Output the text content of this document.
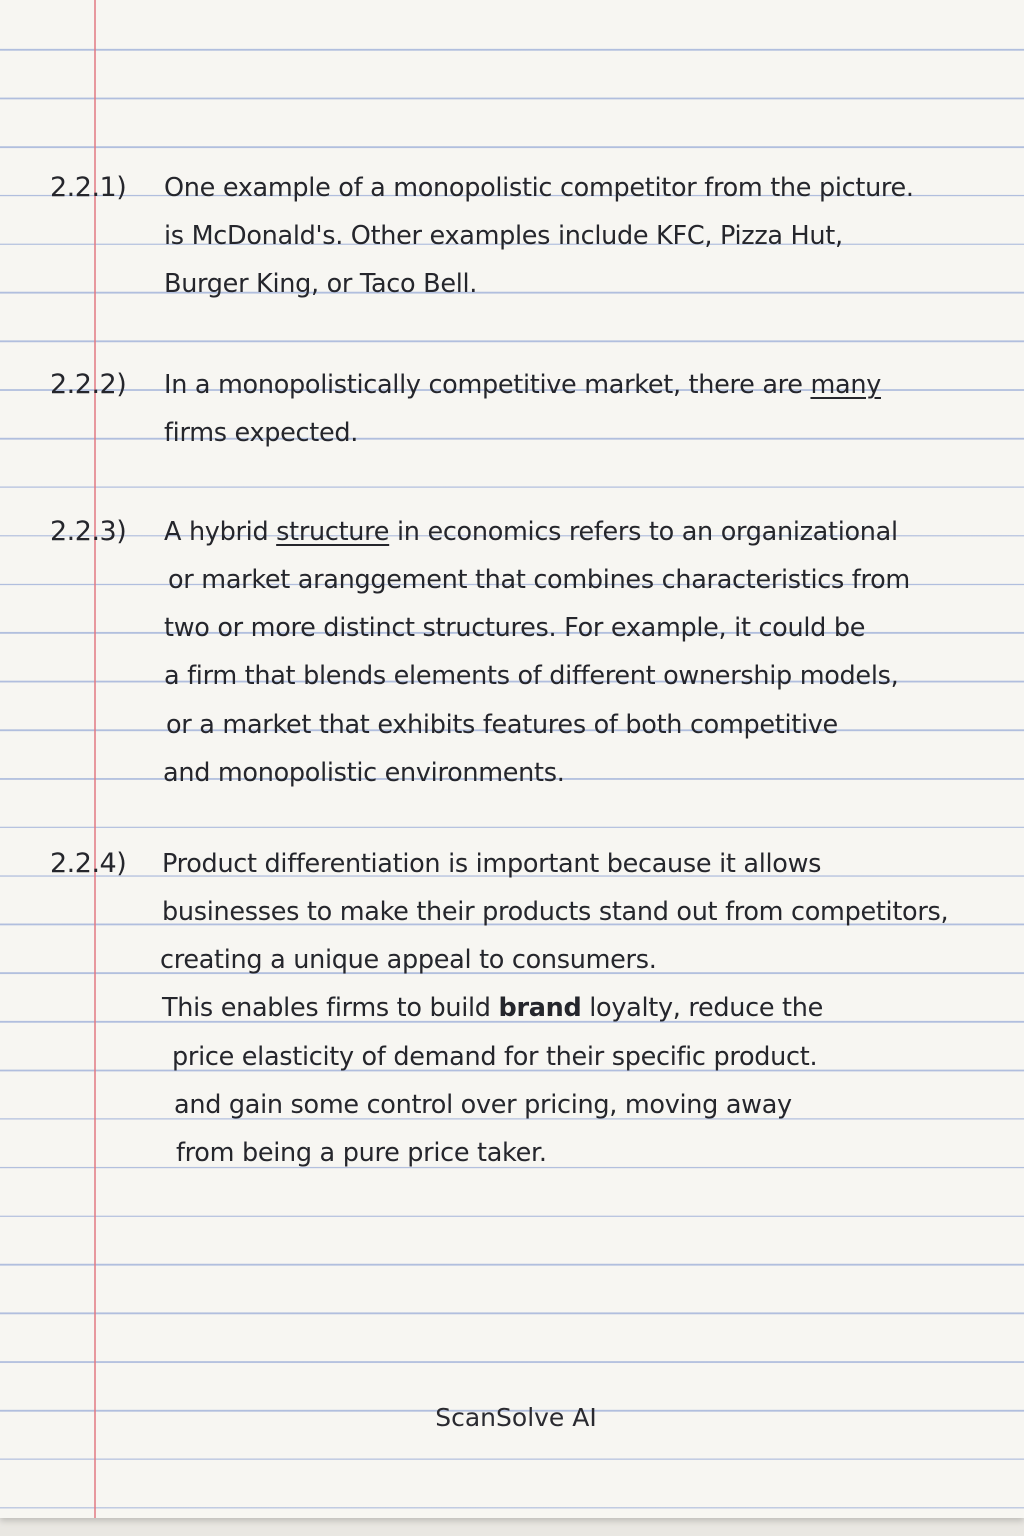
2.2.1) One example of a monopolistic competitor from the picture.
is McDonald's. Other examples include KFC, Pizza Hut,
Burger King, or Taco Bell.
2.2.2) In a monopolistically competitive market, there are many
firms expected.
2.2.3) A hybrid structure in economics refers to an organizational
or market aranggement that combines characteristics from
two or more distinct structures. For example, it could be
a firm that blends elements of different ownership models,
or a market that exhibits features of both competitive
and monopolistic environments.
2.2.4) Product differentiation is important because it allows
businesses to make their products stand out from competitors,
creating a unique appeal to consumers.
This enables firms to build brand loyalty, reduce the
price elasticity of demand for their specific product.
and gain some control over pricing, moving away
from being a pure price taker.
ScanSolve AI
